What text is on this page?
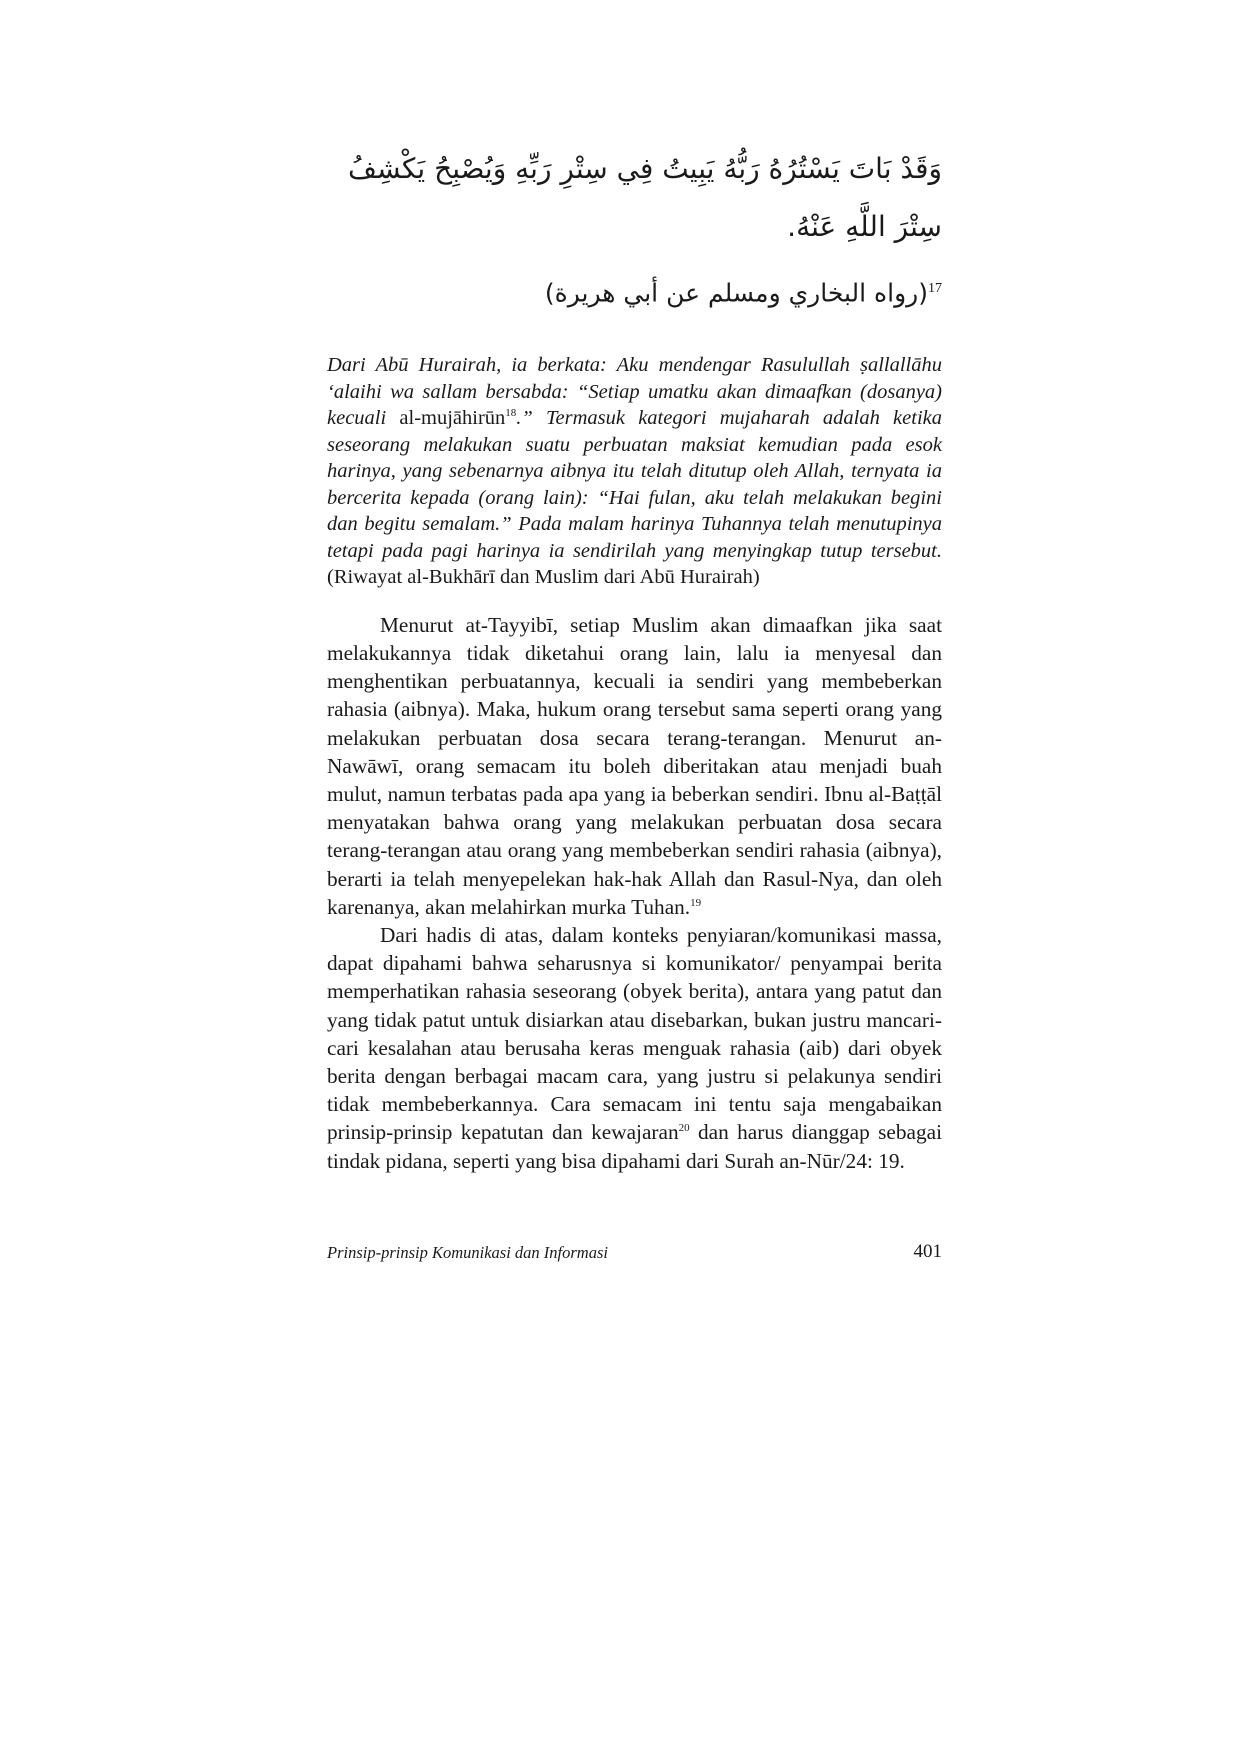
وَقَدْ بَاتَ يَسْتُرُهُ رَبُّهُ يَبِيتُ فِي سِتْرِ رَبِّهِ وَيُصْبِحُ يَكْشِفُ سِتْرَ اللَّهِ عَنْهُ.

$^{17}$(رواه البخاري ومسلم عن أبي هريرة)

Dari Abū Hurairah, ia berkata: Aku mendengar Rasulullah ṣallallāhu ‘alaihi wa sallam bersabda: “Setiap umatku akan dimaafkan (dosanya) kecuali al-mujāhirūn$^{18}$.” Termasuk kategori mujaharah adalah ketika seseorang melakukan suatu perbuatan maksiat kemudian pada esok harinya, yang sebenarnya aibnya itu telah ditutup oleh Allah, ternyata ia bercerita kepada (orang lain): “Hai fulan, aku telah melakukan begini dan begitu semalam.” Pada malam harinya Tuhannya telah menutupinya tetapi pada pagi harinya ia sendirilah yang menyingkap tutup tersebut. (Riwayat al-Bukhārī dan Muslim dari Abū Hurairah)

Menurut at-Tayyibī, setiap Muslim akan dimaafkan jika saat melakukannya tidak diketahui orang lain, lalu ia menyesal dan menghentikan perbuatannya, kecuali ia sendiri yang membeberkan rahasia (aibnya). Maka, hukum orang tersebut sama seperti orang yang melakukan perbuatan dosa secara terang-terangan. Menurut an-Nawāwī, orang semacam itu boleh diberitakan atau menjadi buah mulut, namun terbatas pada apa yang ia beberkan sendiri. Ibnu al-Baṭṭāl menyatakan bahwa orang yang melakukan perbuatan dosa secara terang-terangan atau orang yang membeberkan sendiri rahasia (aibnya), berarti ia telah menyepelekan hak-hak Allah dan Rasul-Nya, dan oleh karenanya, akan melahirkan murka Tuhan.$^{19}$

Dari hadis di atas, dalam konteks penyiaran/komunikasi massa, dapat dipahami bahwa seharusnya si komunikator/ penyampai berita memperhatikan rahasia seseorang (obyek berita), antara yang patut dan yang tidak patut untuk disiarkan atau disebarkan, bukan justru mancari-cari kesalahan atau berusaha keras menguak rahasia (aib) dari obyek berita dengan berbagai macam cara, yang justru si pelakunya sendiri tidak membeberkannya. Cara semacam ini tentu saja mengabaikan prinsip-prinsip kepatutan dan kewajaran$^{20}$ dan harus dianggap sebagai tindak pidana, seperti yang bisa dipahami dari Surah an-Nūr/24: 19.

Prinsip-prinsip Komunikasi dan Informasi	401
